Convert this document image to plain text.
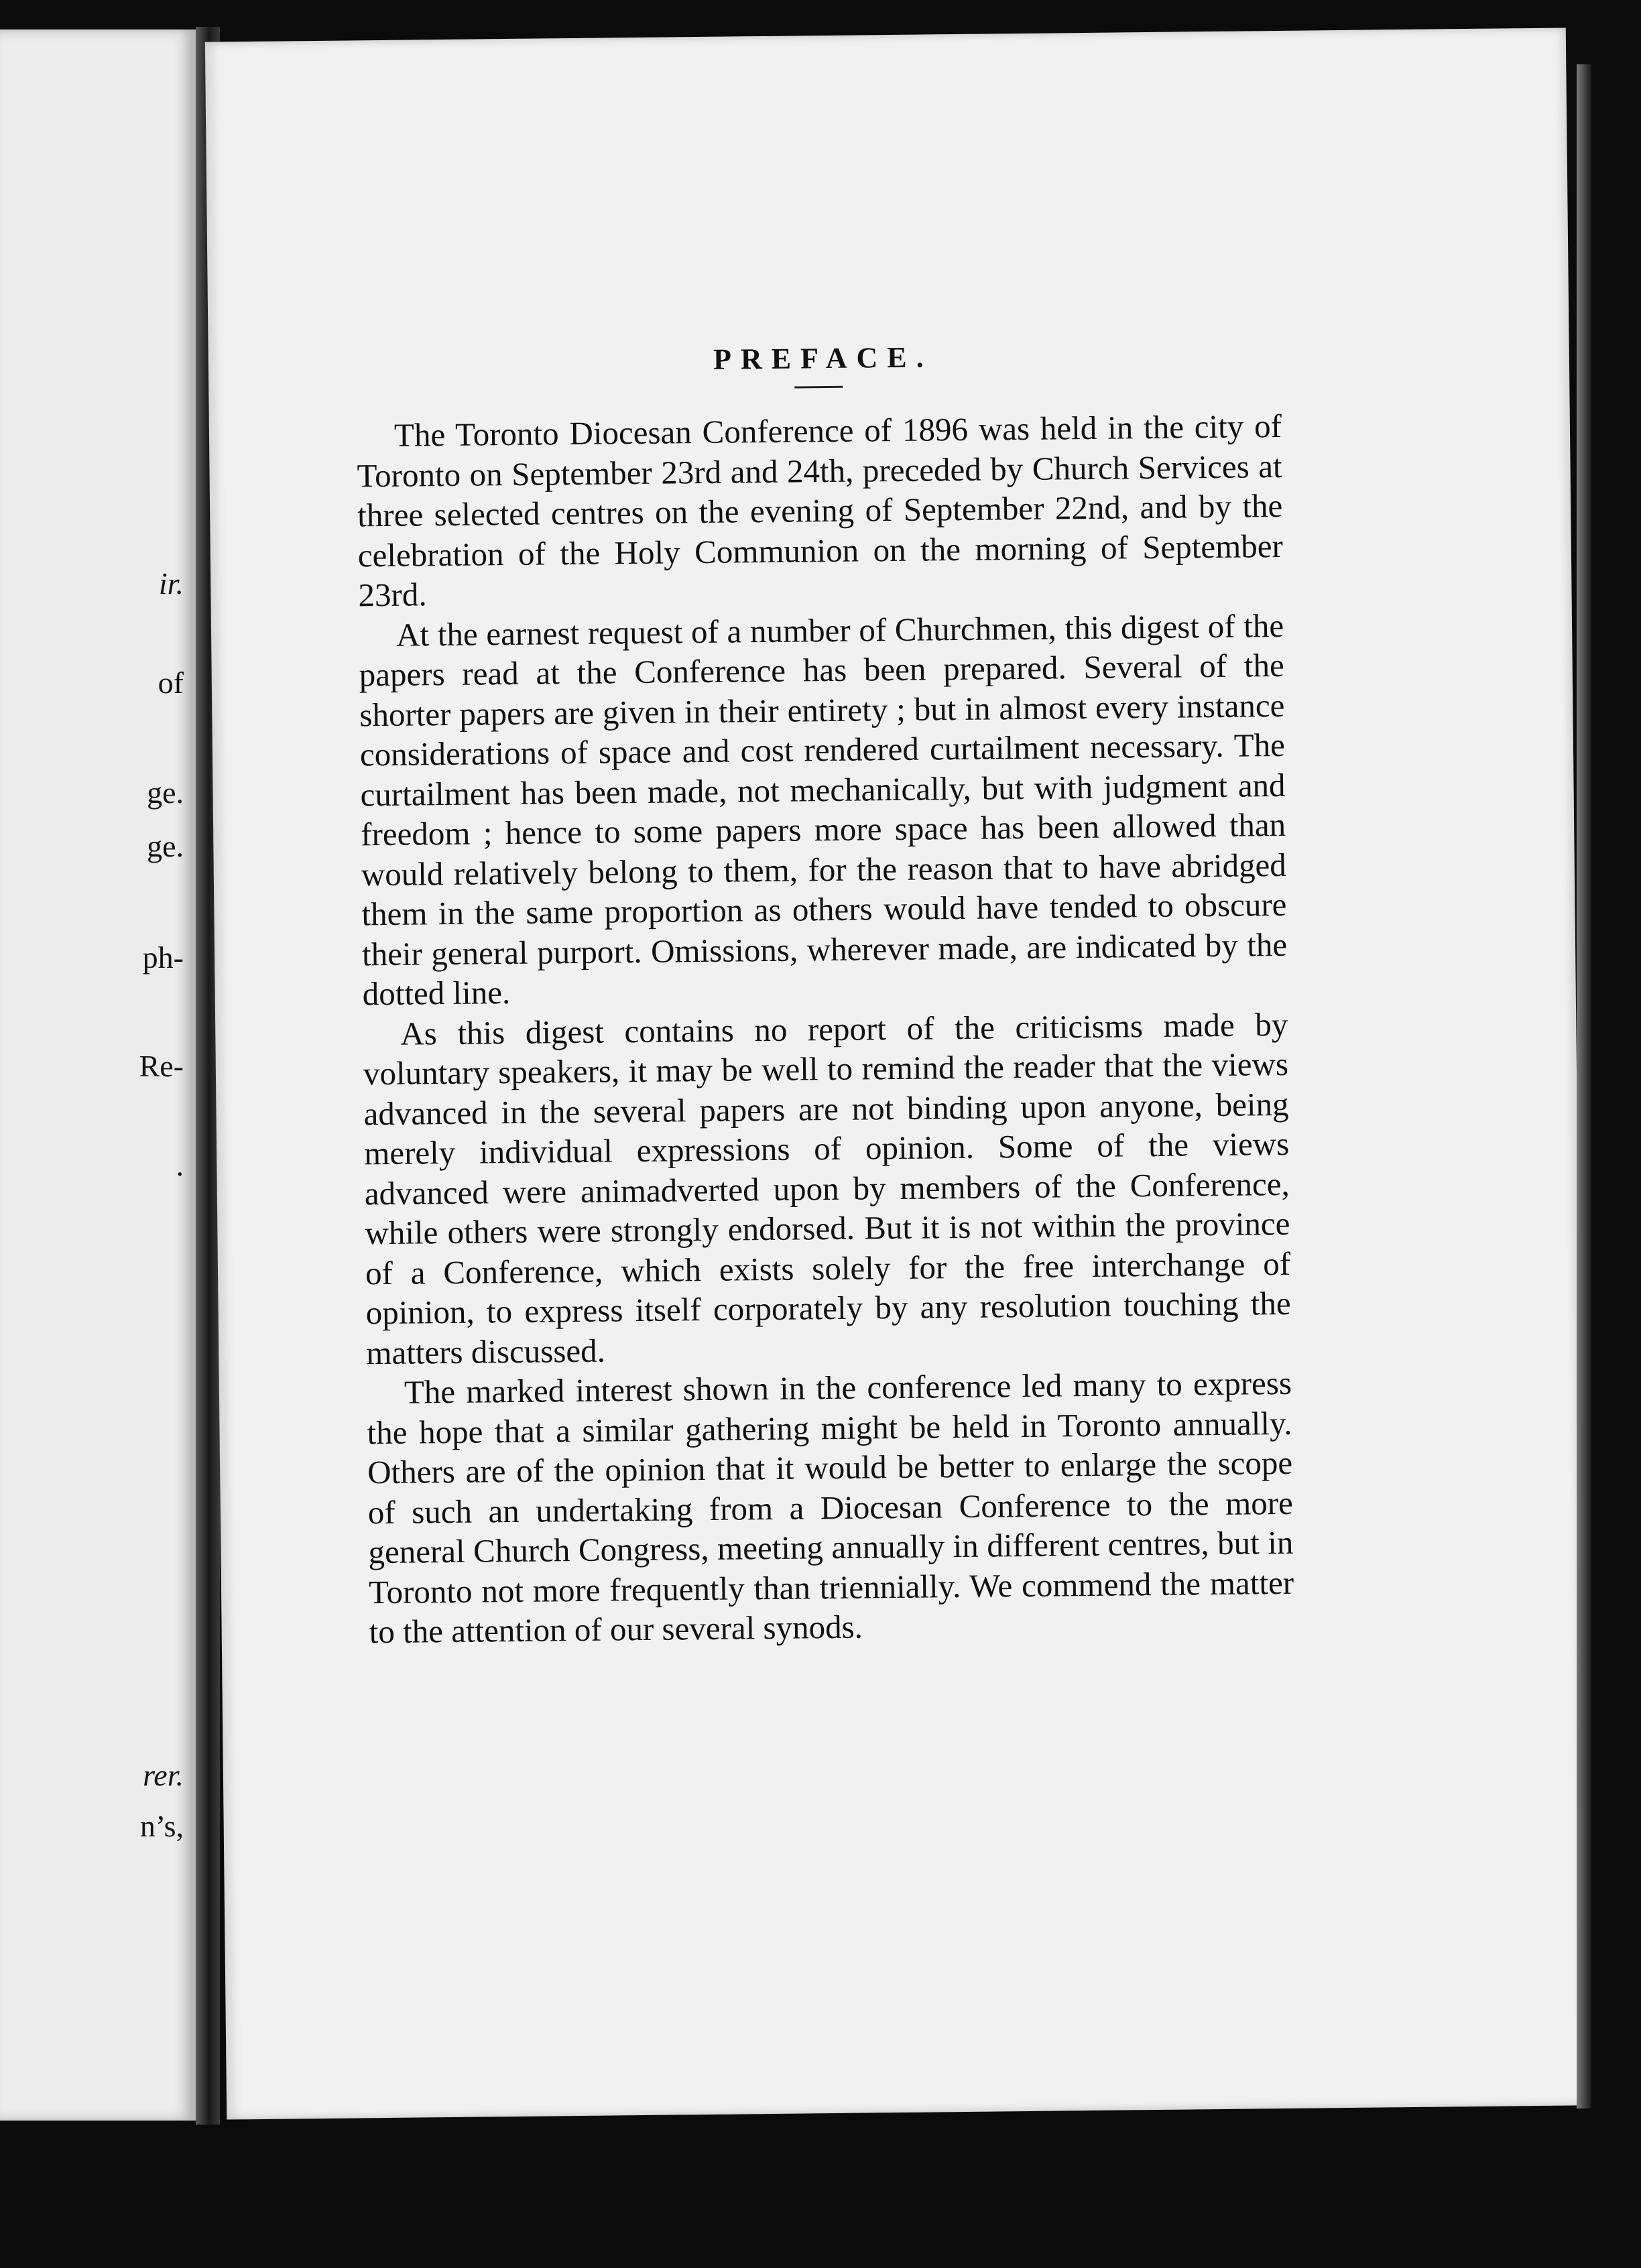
ir.
of
ge.
ge.
ph-
Re-
.
rer.
n’s,
PREFACE.

The Toronto Diocesan Conference of 1896 was held in the city of Toronto on September 23rd and 24th, preceded by Church Services at three selected centres on the evening of September 22nd, and by the celebration of the Holy Communion on the morning of September 23rd.

At the earnest request of a number of Churchmen, this digest of the papers read at the Conference has been prepared. Several of the shorter papers are given in their entirety ; but in almost every instance considerations of space and cost rendered curtailment necessary. The curtailment has been made, not mechanically, but with judgment and freedom ; hence to some papers more space has been allowed than would relatively belong to them, for the reason that to have abridged them in the same proportion as others would have tended to obscure their general purport. Omissions, wherever made, are indicated by the dotted line.

As this digest contains no report of the criticisms made by voluntary speakers, it may be well to remind the reader that the views advanced in the several papers are not binding upon anyone, being merely individual expressions of opinion. Some of the views advanced were animadverted upon by members of the Conference, while others were strongly endorsed. But it is not within the province of a Conference, which exists solely for the free interchange of opinion, to express itself corporately by any resolution touching the matters discussed.

The marked interest shown in the conference led many to express the hope that a similar gathering might be held in Toronto annually. Others are of the opinion that it would be better to enlarge the scope of such an undertaking from a Diocesan Conference to the more general Church Congress, meeting annually in different centres, but in Toronto not more frequently than triennially. We commend the matter to the attention of our several synods.
